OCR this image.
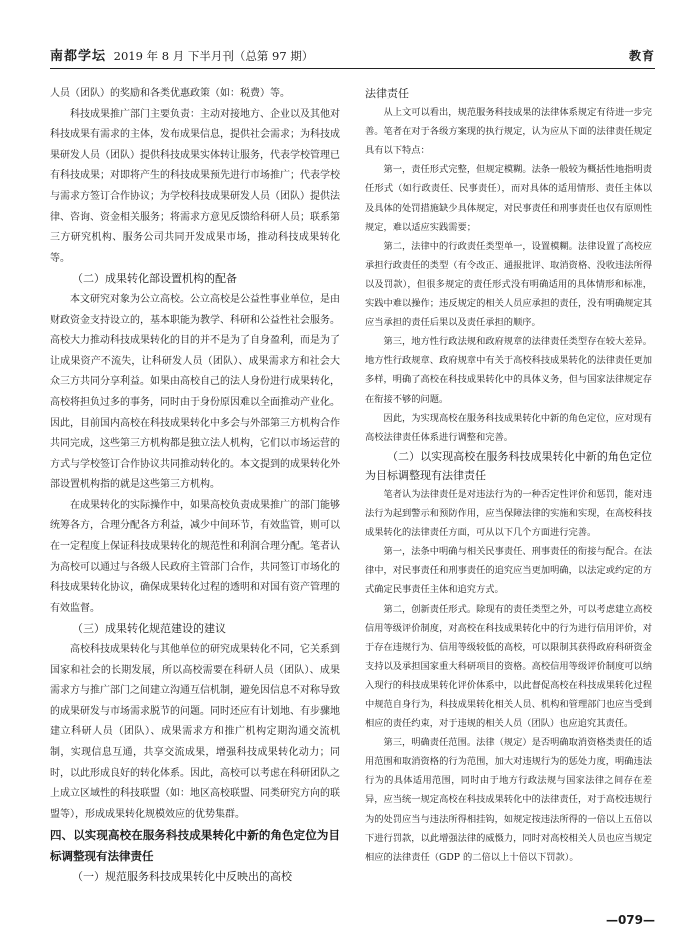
南都学坛 2019 年 8 月 下半月刊（总第 97 期）	教育

人员（团队）的奖励和各类优惠政策（如：税费）等。

科技成果推广部门主要负责：主动对接地方、企业以及其他对科技成果有需求的主体，发布成果信息，提供社会需求；为科技成果研发人员（团队）提供科技成果实体转让服务，代表学校管理已有科技成果；对即将产生的科技成果预先进行市场推广；代表学校与需求方签订合作协议；为学校科技成果研发人员（团队）提供法律、咨询、资金相关服务；将需求方意见反馈给科研人员；联系第三方研究机构、服务公司共同开发成果市场，推动科技成果转化等。

（二）成果转化部设置机构的配备

本文研究对象为公立高校。公立高校是公益性事业单位，是由财政资金支持设立的，基本职能为教学、科研和公益性社会服务。高校大力推动科技成果转化的目的并不是为了自身盈利，而是为了让成果资产不流失，让科研发人员（团队）、成果需求方和社会大众三方共同分享利益。如果由高校自己的法人身份进行成果转化，高校将担负过多的事务，同时由于身份原因难以全面推动产业化。因此，目前国内高校在科技成果转化中多会与外部第三方机构合作共同完成，这些第三方机构都是独立法人机构，它们以市场运营的方式与学校签订合作协议共同推动转化的。本文提到的成果转化外部设置机构指的就是这些第三方机构。

在成果转化的实际操作中，如果高校负责成果推广的部门能够统筹各方，合理分配各方利益，减少中间环节，有效监管，则可以在一定程度上保证科技成果转化的规范性和利润合理分配。笔者认为高校可以通过与各级人民政府主管部门合作，共同签订市场化的科技成果转化协议，确保成果转化过程的透明和对国有资产管理的有效监督。

（三）成果转化规范建设的建议

高校科技成果转化与其他单位的研究成果转化不同，它关系到国家和社会的长期发展，所以高校需要在科研人员（团队）、成果需求方与推广部门之间建立沟通互信机制，避免因信息不对称导致的成果研发与市场需求脱节的问题。同时还应有计划地、有步骤地建立科研人员（团队）、成果需求方和推广机构定期沟通交流机制，实现信息互通，共享交流成果，增强科技成果转化动力；同时，以此形成良好的转化体系。因此，高校可以考虑在科研团队之上成立区域性的科技联盟（如：地区高校联盟、同类研究方向的联盟等），形成成果转化规模效应的优势集群。

四、以实现高校在服务科技成果转化中新的角色定位为目标调整现有法律责任

（一）规范服务科技成果转化中反映出的高校

法律责任

从上文可以看出，规范服务科技成果的法律体系规定有待进一步完善。笔者在对于各级方案现的执行规定，认为应从下面的法律责任规定具有以下特点：

第一，责任形式完整，但规定模糊。法条一般较为概括性地指明责任形式（如行政责任、民事责任），而对具体的适用情形、责任主体以及具体的处罚措施缺少具体规定，对民事责任和刑事责任也仅有原则性规定，难以适应实践需要；

第二，法律中的行政责任类型单一，设置模糊。法律设置了高校应承担行政责任的类型（有令改正、通报批评、取消资格、没收违法所得以及罚款），但很多规定的责任形式没有明确适用的具体情形和标准，实践中难以操作；违反规定的相关人员应承担的责任，没有明确规定其应当承担的责任后果以及责任承担的顺序。

第三，地方性行政法规和政府规章的法律责任类型存在较大差异。地方性行政规章、政府规章中有关于高校科技成果转化的法律责任更加多样，明确了高校在科技成果转化中的具体义务，但与国家法律规定存在衔接不够的问题。

因此，为实现高校在服务科技成果转化中新的角色定位，应对现有高校法律责任体系进行调整和完善。

（二）以实现高校在服务科技成果转化中新的角色定位为目标调整现有法律责任

笔者认为法律责任是对违法行为的一种否定性评价和惩罚，能对违法行为起到警示和预防作用，应当保障法律的实施和实现，在高校科技成果转化的法律责任方面，可从以下几个方面进行完善。

第一，法条中明确与相关民事责任、刑事责任的衔接与配合。在法律中，对民事责任和刑事责任的追究应当更加明确，以法定或约定的方式确定民事责任主体和追究方式。

第二，创新责任形式。除现有的责任类型之外，可以考虑建立高校信用等级评价制度，对高校在科技成果转化中的行为进行信用评价，对于存在违规行为、信用等级较低的高校，可以限制其获得政府科研资金支持以及承担国家重大科研项目的资格。高校信用等级评价制度可以纳入现行的科技成果转化评价体系中，以此督促高校在科技成果转化过程中规范自身行为，科技成果转化相关人员、机构和管理部门也应当受到相应的责任约束，对于违规的相关人员（团队）也应追究其责任。

第三，明确责任范围。法律（规定）是否明确取消资格类责任的适用范围和取消资格的行为范围，加大对违规行为的惩处力度，明确违法行为的具体适用范围，同时由于地方行政法规与国家法律之间存在差异，应当统一规定高校在科技成果转化中的法律责任，对于高校违规行为的处罚应当与违法所得相挂钩，如规定按违法所得的一倍以上五倍以下进行罚款，以此增强法律的威慑力，同时对高校相关人员也应当规定相应的法律责任（GDP 的二倍以上十倍以下罚款）。

—079—
